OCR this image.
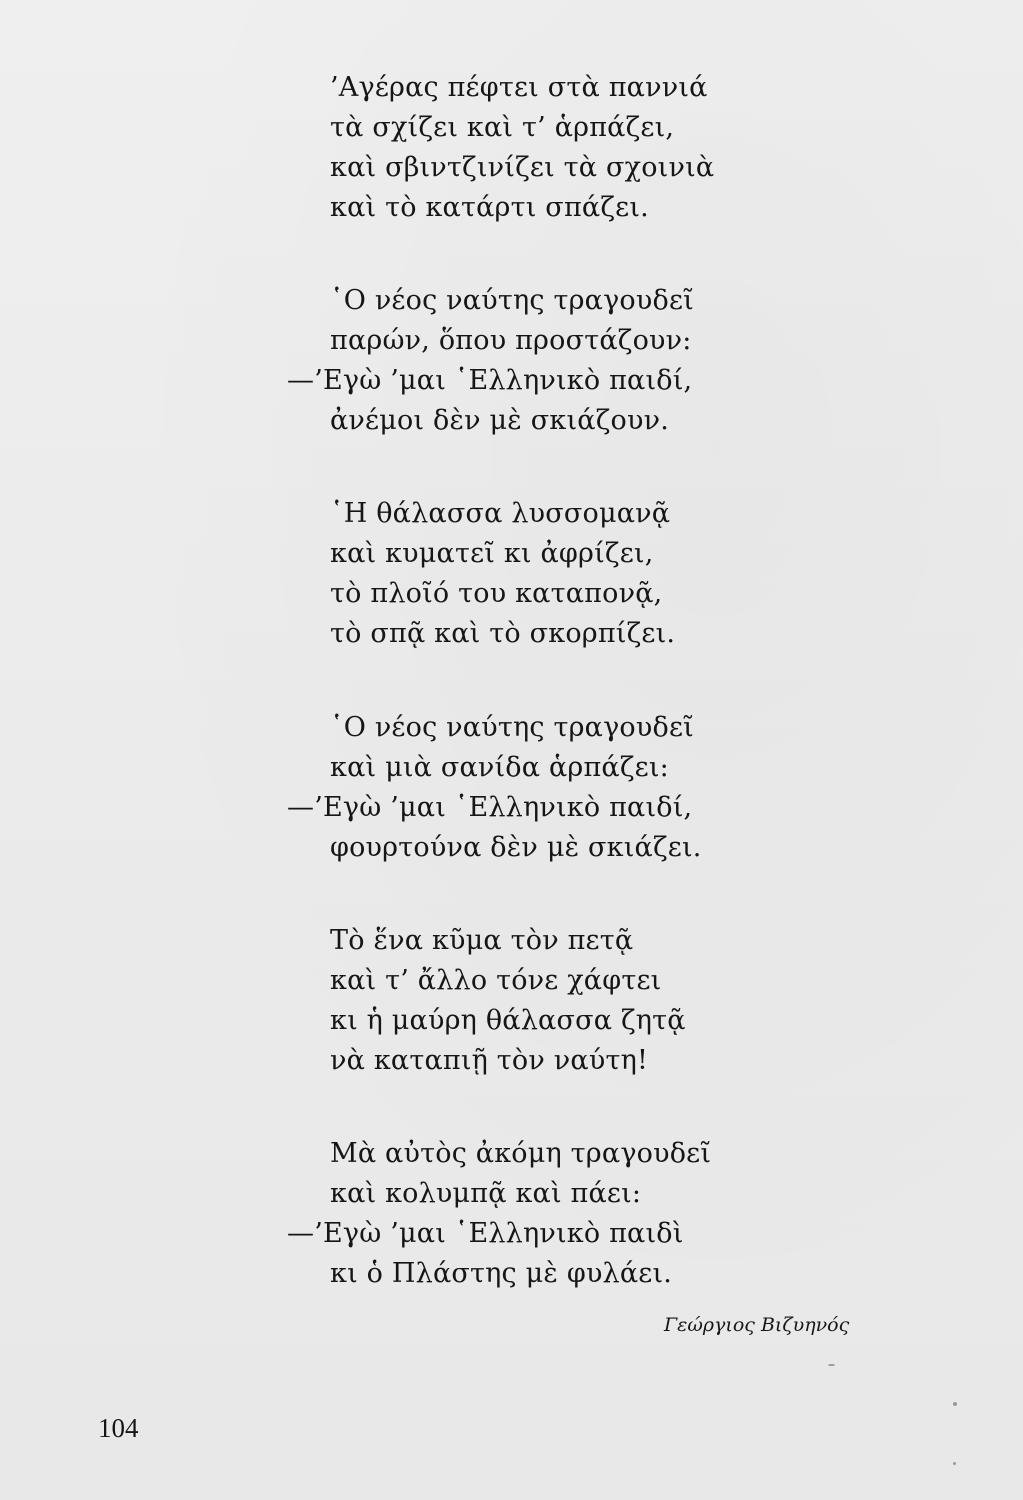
’Αγέρας πέφτει στὰ παννιά
τὰ σχίζει καὶ τ’ ἁρπάζει,
καὶ σβιντζινίζει τὰ σχοινιὰ
καὶ τὸ κατάρτι σπάζει.
῾Ο νέος ναύτης τραγουδεῖ
παρών, ὅπου προστάζουν:
—’Εγὼ ’μαι ῾Ελληνικὸ παιδί,
ἀνέμοι δὲν μὲ σκιάζουν.
῾Η θάλασσα λυσσομανᾷ
καὶ κυματεῖ κι ἀφρίζει,
τὸ πλοῖό του καταπονᾷ,
τὸ σπᾷ καὶ τὸ σκορπίζει.
῾Ο νέος ναύτης τραγουδεῖ
καὶ μιὰ σανίδα ἁρπάζει:
—’Εγὼ ’μαι ῾Ελληνικὸ παιδί,
φουρτούνα δὲν μὲ σκιάζει.
Τὸ ἕνα κῦμα τὸν πετᾷ
καὶ τ’ ἄλλο τόνε χάφτει
κι ἡ μαύρη θάλασσα ζητᾷ
νὰ καταπιῇ τὸν ναύτη!
Μὰ αὐτὸς ἀκόμη τραγουδεῖ
καὶ κολυμπᾷ καὶ πάει:
—’Εγὼ ’μαι ῾Ελληνικὸ παιδὶ
κι ὁ Πλάστης μὲ φυλάει.
Γεώργιος Βιζυηνός
104
